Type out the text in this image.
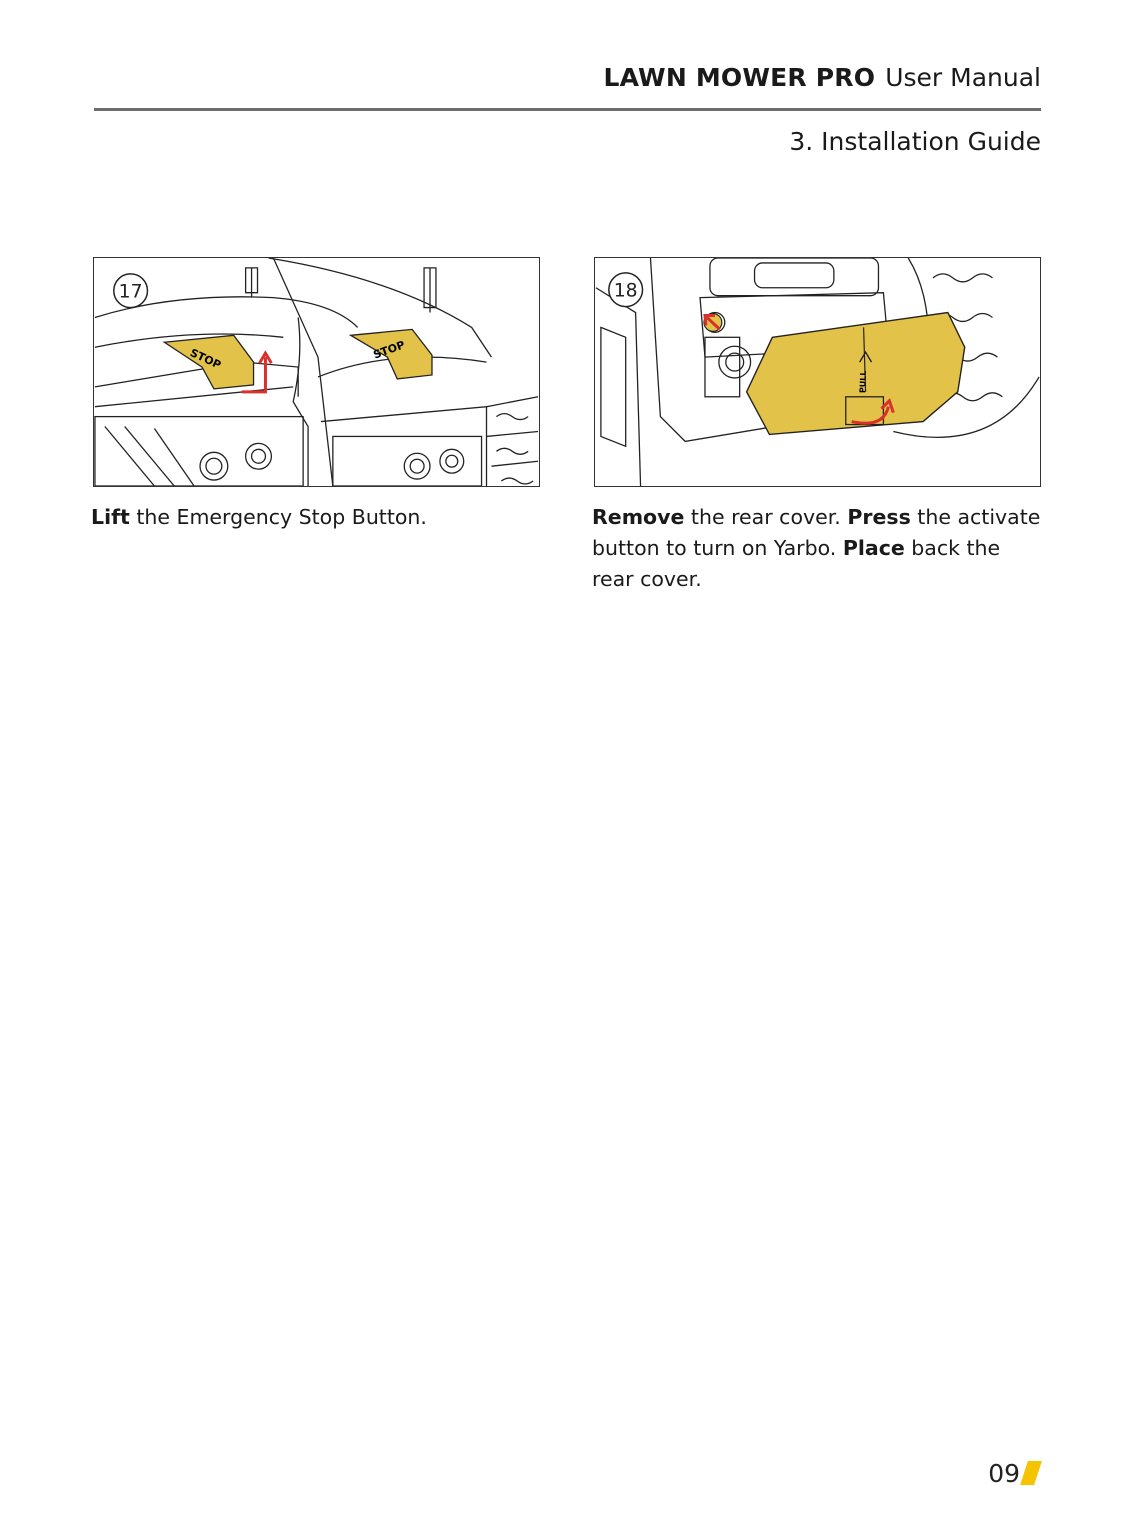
LAWN MOWER PRO User Manual
3. Installation Guide
STOP	STOP
17
PULL
18
Lift the Emergency Stop Button.	Remove the rear cover. Press the activate button to turn on Yarbo. Place back the rear cover.
09
